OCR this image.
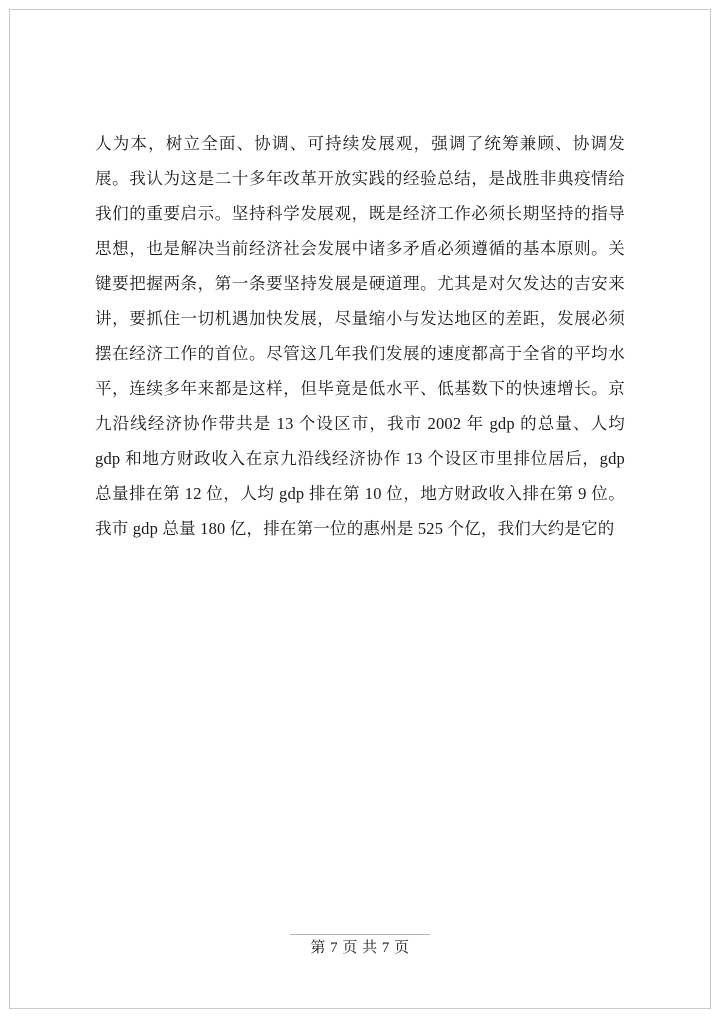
人为本，树立全面、协调、可持续发展观，强调了统筹兼顾、协调发展。我认为这是二十多年改革开放实践的经验总结，是战胜非典疫情给我们的重要启示。坚持科学发展观，既是经济工作必须长期坚持的指导思想，也是解决当前经济社会发展中诸多矛盾必须遵循的基本原则。关键要把握两条，第一条要坚持发展是硬道理。尤其是对欠发达的吉安来讲，要抓住一切机遇加快发展，尽量缩小与发达地区的差距，发展必须摆在经济工作的首位。尽管这几年我们发展的速度都高于全省的平均水平，连续多年来都是这样，但毕竟是低水平、低基数下的快速增长。京九沿线经济协作带共是 13 个设区市，我市 2002 年 gdp 的总量、人均 gdp 和地方财政收入在京九沿线经济协作 13 个设区市里排位居后，gdp 总量排在第 12 位，人均 gdp 排在第 10 位，地方财政收入排在第 9 位。我市 gdp 总量 180 亿，排在第一位的惠州是 525 个亿，我们大约是它的

第 7 页 共 7 页
